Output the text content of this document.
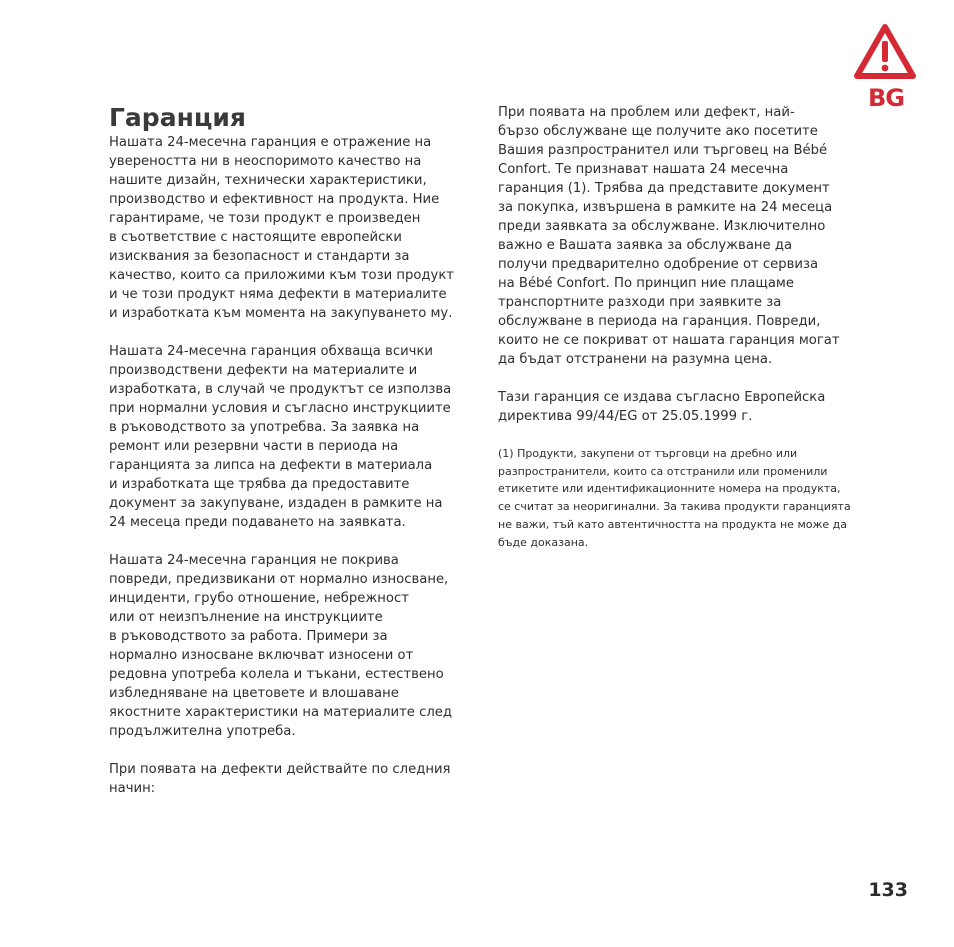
BG
Гаранция

Нашата 24-месечна гаранция е отражение на
увереността ни в неоспоримото качество на
нашите дизайн, технически характеристики,
производство и ефективност на продукта. Ние
гарантираме, че този продукт е произведен
в съответствие с настоящите европейски
изисквания за безопасност и стандарти за
качество, които са приложими към този продукт
и че този продукт няма дефекти в материалите
и изработката към момента на закупуването му.

Нашата 24-месечна гаранция обхваща всички
производствени дефекти на материалите и
изработката, в случай че продуктът се използва
при нормални условия и съгласно инструкциите
в ръководството за употребва. За заявка на
ремонт или резервни части в периода на
гаранцията за липса на дефекти в материала
и изработката ще трябва да предоставите
документ за закупуване, издаден в рамките на
24 месеца преди подаването на заявката.

Нашата 24-месечна гаранция не покрива
повреди, предизвикани от нормално износване,
инциденти, грубо отношение, небрежност
или от неизпълнение на инструкциите
в ръководството за работа. Примери за
нормално износване включват износени от
редовна употреба колела и тъкани, естествено
избледняване на цветовете и влошаване
якостните характеристики на материалите след
продължителна употреба.

При появата на дефекти действайте по следния
начин:

При появата на проблем или дефект, най-
бързо обслужване ще получите ако посетите
Вашия разпространител или търговец на Bébé
Confort. Те признават нашата 24 месечна
гаранция (1). Трябва да представите документ
за покупка, извършена в рамките на 24 месеца
преди заявката за обслужване. Изключително
важно е Вашата заявка за обслужване да
получи предварително одобрение от сервиза
на Bébé Confort. По принцип ние плащаме
транспортните разходи при заявките за
обслужване в периода на гаранция. Повреди,
които не се покриват от нашата гаранция могат
да бъдат отстранени на разумна цена.

Тази гаранция се издава съгласно Европейска
директива 99/44/EG от 25.05.1999 г.

(1) Продукти, закупени от търговци на дребно или
разпространители, които са отстранили или променили
етикетите или идентификационните номера на продукта,
се считат за неоригинални. За такива продукти гаранцията
не важи, тъй като автентичността на продукта не може да
бъде доказана.

133
